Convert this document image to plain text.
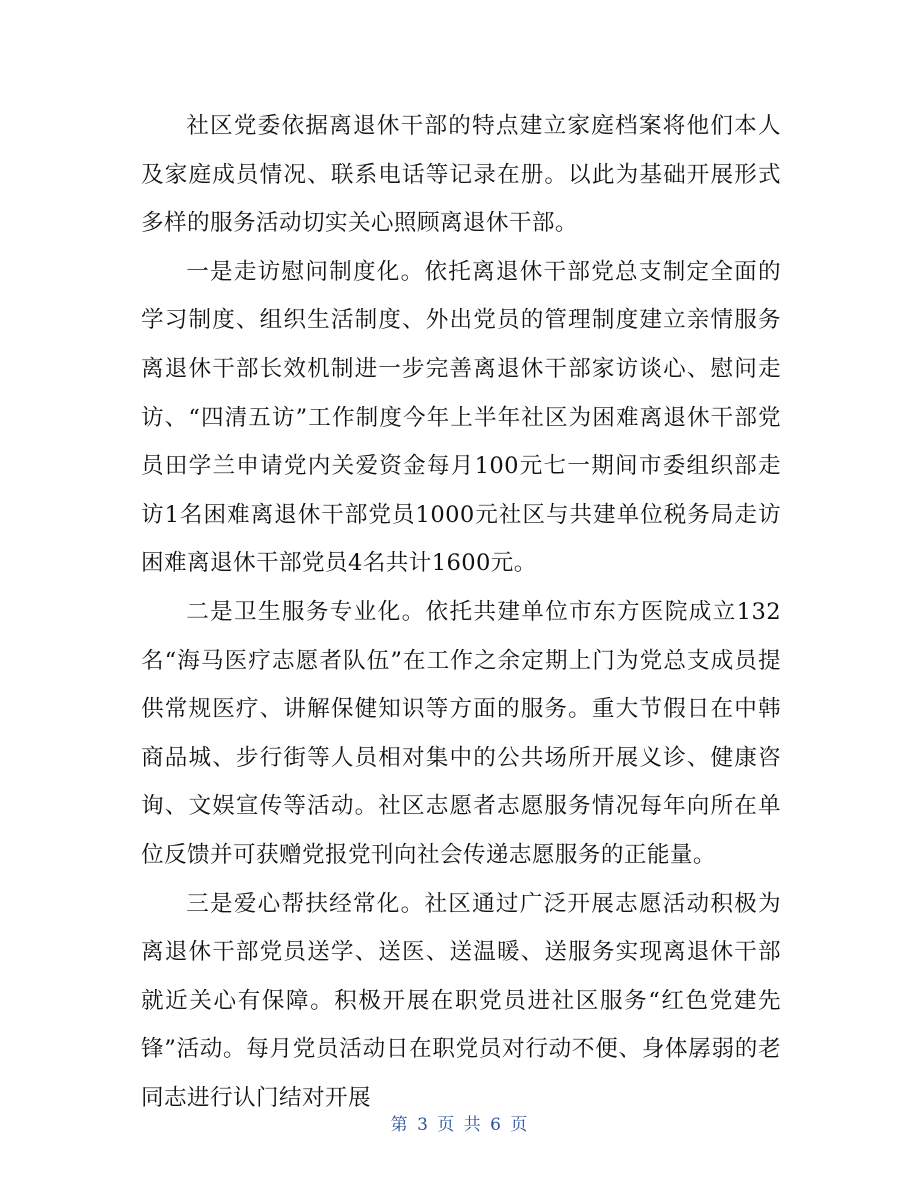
社区党委依据离退休干部的特点建立家庭档案将他们本人及家庭成员情况、联系电话等记录在册。以此为基础开展形式多样的服务活动切实关心照顾离退休干部。

一是走访慰问制度化。依托离退休干部党总支制定全面的学习制度、组织生活制度、外出党员的管理制度建立亲情服务离退休干部长效机制进一步完善离退休干部家访谈心、慰问走访、“四清五访”工作制度今年上半年社区为困难离退休干部党员田学兰申请党内关爱资金每月100元七一期间市委组织部走访1名困难离退休干部党员1000元社区与共建单位税务局走访困难离退休干部党员4名共计1600元。

二是卫生服务专业化。依托共建单位市东方医院成立132名“海马医疗志愿者队伍”在工作之余定期上门为党总支成员提供常规医疗、讲解保健知识等方面的服务。重大节假日在中韩商品城、步行街等人员相对集中的公共场所开展义诊、健康咨询、文娱宣传等活动。社区志愿者志愿服务情况每年向所在单位反馈并可获赠党报党刊向社会传递志愿服务的正能量。

三是爱心帮扶经常化。社区通过广泛开展志愿活动积极为离退休干部党员送学、送医、送温暖、送服务实现离退休干部就近关心有保障。积极开展在职党员进社区服务“红色党建先锋”活动。每月党员活动日在职党员对行动不便、身体孱弱的老同志进行认门结对开展

第 3 页 共 6 页
